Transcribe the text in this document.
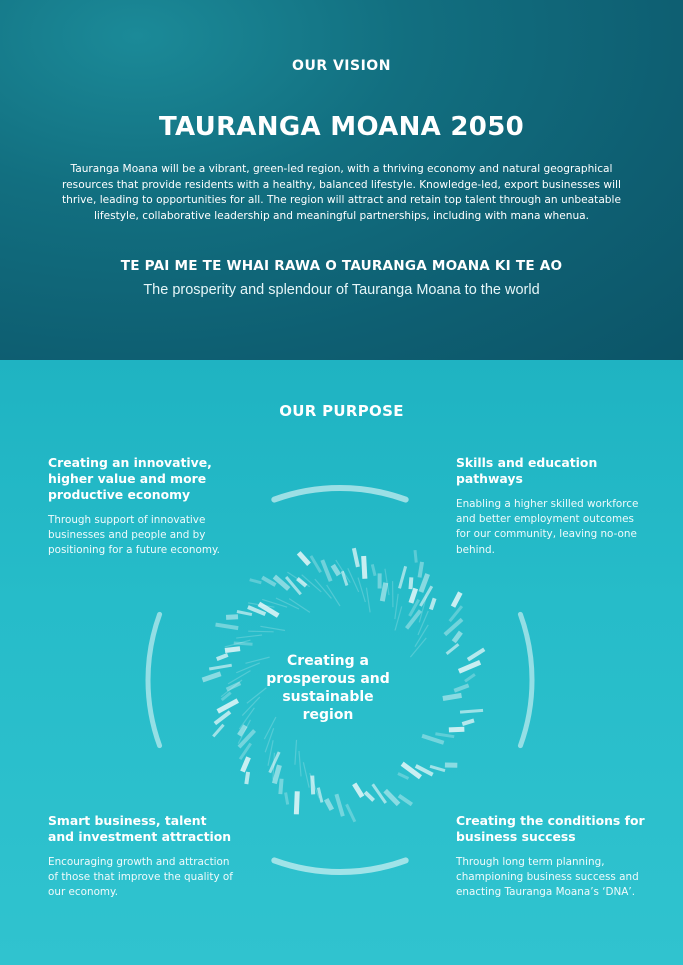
OUR VISION
TAURANGA MOANA 2050
Tauranga Moana will be a vibrant, green-led region, with a thriving economy and natural geographical resources that provide residents with a healthy, balanced lifestyle. Knowledge-led, export businesses will thrive, leading to opportunities for all. The region will attract and retain top talent through an unbeatable lifestyle, collaborative leadership and meaningful partnerships, including with mana whenua.
TE PAI ME TE WHAI RAWA O TAURANGA MOANA KI TE AO
The prosperity and splendour of Tauranga Moana to the world
OUR PURPOSE
Creating a prosperous and sustainable region
Creating an innovative, higher value and more productive economy

Through support of innovative businesses and people and by positioning for a future economy.

Skills and education pathways

Enabling a higher skilled workforce and better employment outcomes for our community, leaving no-one behind.

Smart business, talent and investment attraction

Encouraging growth and attraction of those that improve the quality of our economy.

Creating the conditions for business success

Through long term planning, championing business success and enacting Tauranga Moana’s ‘DNA’.
